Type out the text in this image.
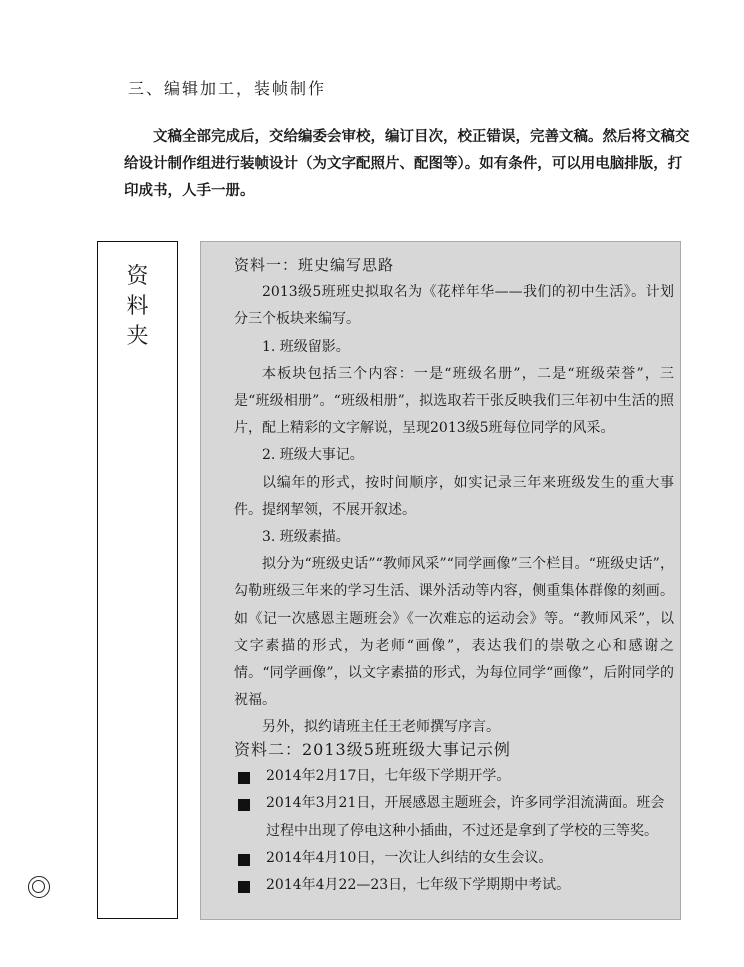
三、编辑加工，装帧制作

文稿全部完成后，交给编委会审校，编订目次，校正错误，完善文稿。然后将文稿交给设计制作组进行装帧设计（为文字配照片、配图等）。如有条件，可以用电脑排版，打印成书，人手一册。

资
料
夹

资料一：班史编写思路

2013级5班班史拟取名为《花样年华——我们的初中生活》。计划分三个板块来编写。

1. 班级留影。

本板块包括三个内容：一是“班级名册”，二是“班级荣誉”，三是“班级相册”。“班级相册”，拟选取若干张反映我们三年初中生活的照片，配上精彩的文字解说，呈现2013级5班每位同学的风采。

2. 班级大事记。

以编年的形式，按时间顺序，如实记录三年来班级发生的重大事件。提纲挈领，不展开叙述。

3. 班级素描。

拟分为“班级史话”“教师风采”“同学画像”三个栏目。“班级史话”，勾勒班级三年来的学习生活、课外活动等内容，侧重集体群像的刻画。如《记一次感恩主题班会》《一次难忘的运动会》等。“教师风采”，以文字素描的形式，为老师“画像”，表达我们的崇敬之心和感谢之情。“同学画像”，以文字素描的形式，为每位同学“画像”，后附同学的祝福。

另外，拟约请班主任王老师撰写序言。

资料二：2013级5班班级大事记示例

2014年2月17日，七年级下学期开学。

2014年3月21日，开展感恩主题班会，许多同学泪流满面。班会过程中出现了停电这种小插曲，不过还是拿到了学校的三等奖。

2014年4月10日，一次让人纠结的女生会议。

2014年4月22—23日，七年级下学期期中考试。
